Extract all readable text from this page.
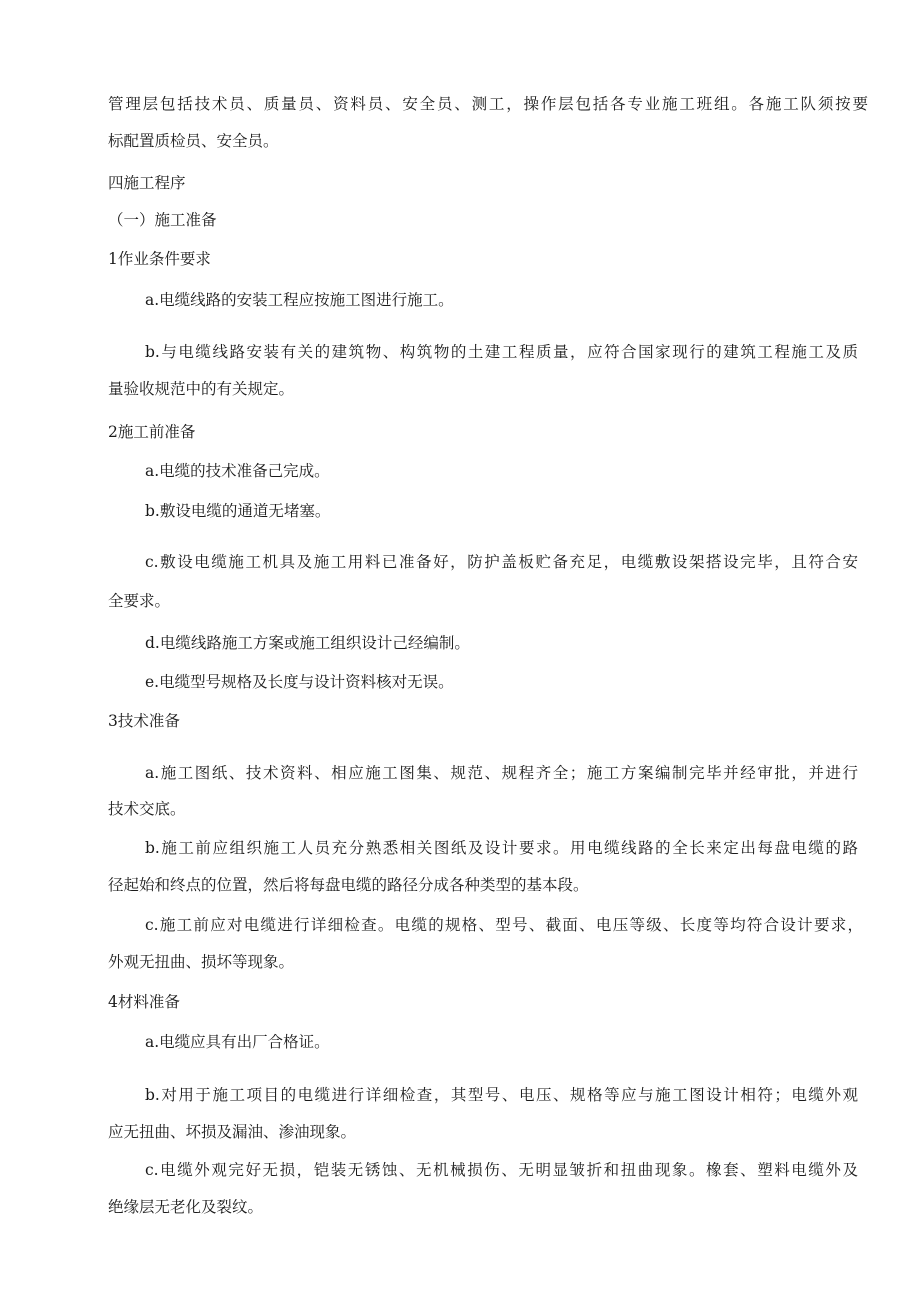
管理层包括技术员、质量员、资料员、安全员、测工，操作层包括各专业施工班组。各施工队须按要
标配置质检员、安全员。
四施工程序
（一）施工准备
1作业条件要求
a.电缆线路的安装工程应按施工图进行施工。
b.与电缆线路安装有关的建筑物、构筑物的土建工程质量，应符合国家现行的建筑工程施工及质
量验收规范中的有关规定。
2施工前准备
a.电缆的技术准备己完成。
b.敷设电缆的通道无堵塞。
c.敷设电缆施工机具及施工用料已准备好，防护盖板贮备充足，电缆敷设架搭设完毕，且符合安
全要求。
d.电缆线路施工方案或施工组织设计己经编制。
e.电缆型号规格及长度与设计资料核对无误。
3技术准备
a.施工图纸、技术资料、相应施工图集、规范、规程齐全；施工方案编制完毕并经审批，并进行
技术交底。
b.施工前应组织施工人员充分熟悉相关图纸及设计要求。用电缆线路的全长来定出每盘电缆的路
径起始和终点的位置，然后将每盘电缆的路径分成各种类型的基本段。
c.施工前应对电缆进行详细检查。电缆的规格、型号、截面、电压等级、长度等均符合设计要求，
外观无扭曲、损坏等现象。
4材料准备
a.电缆应具有出厂合格证。
b.对用于施工项目的电缆进行详细检查，其型号、电压、规格等应与施工图设计相符；电缆外观
应无扭曲、坏损及漏油、渗油现象。
c.电缆外观完好无损，铠装无锈蚀、无机械损伤、无明显皱折和扭曲现象。橡套、塑料电缆外及
绝缘层无老化及裂纹。
